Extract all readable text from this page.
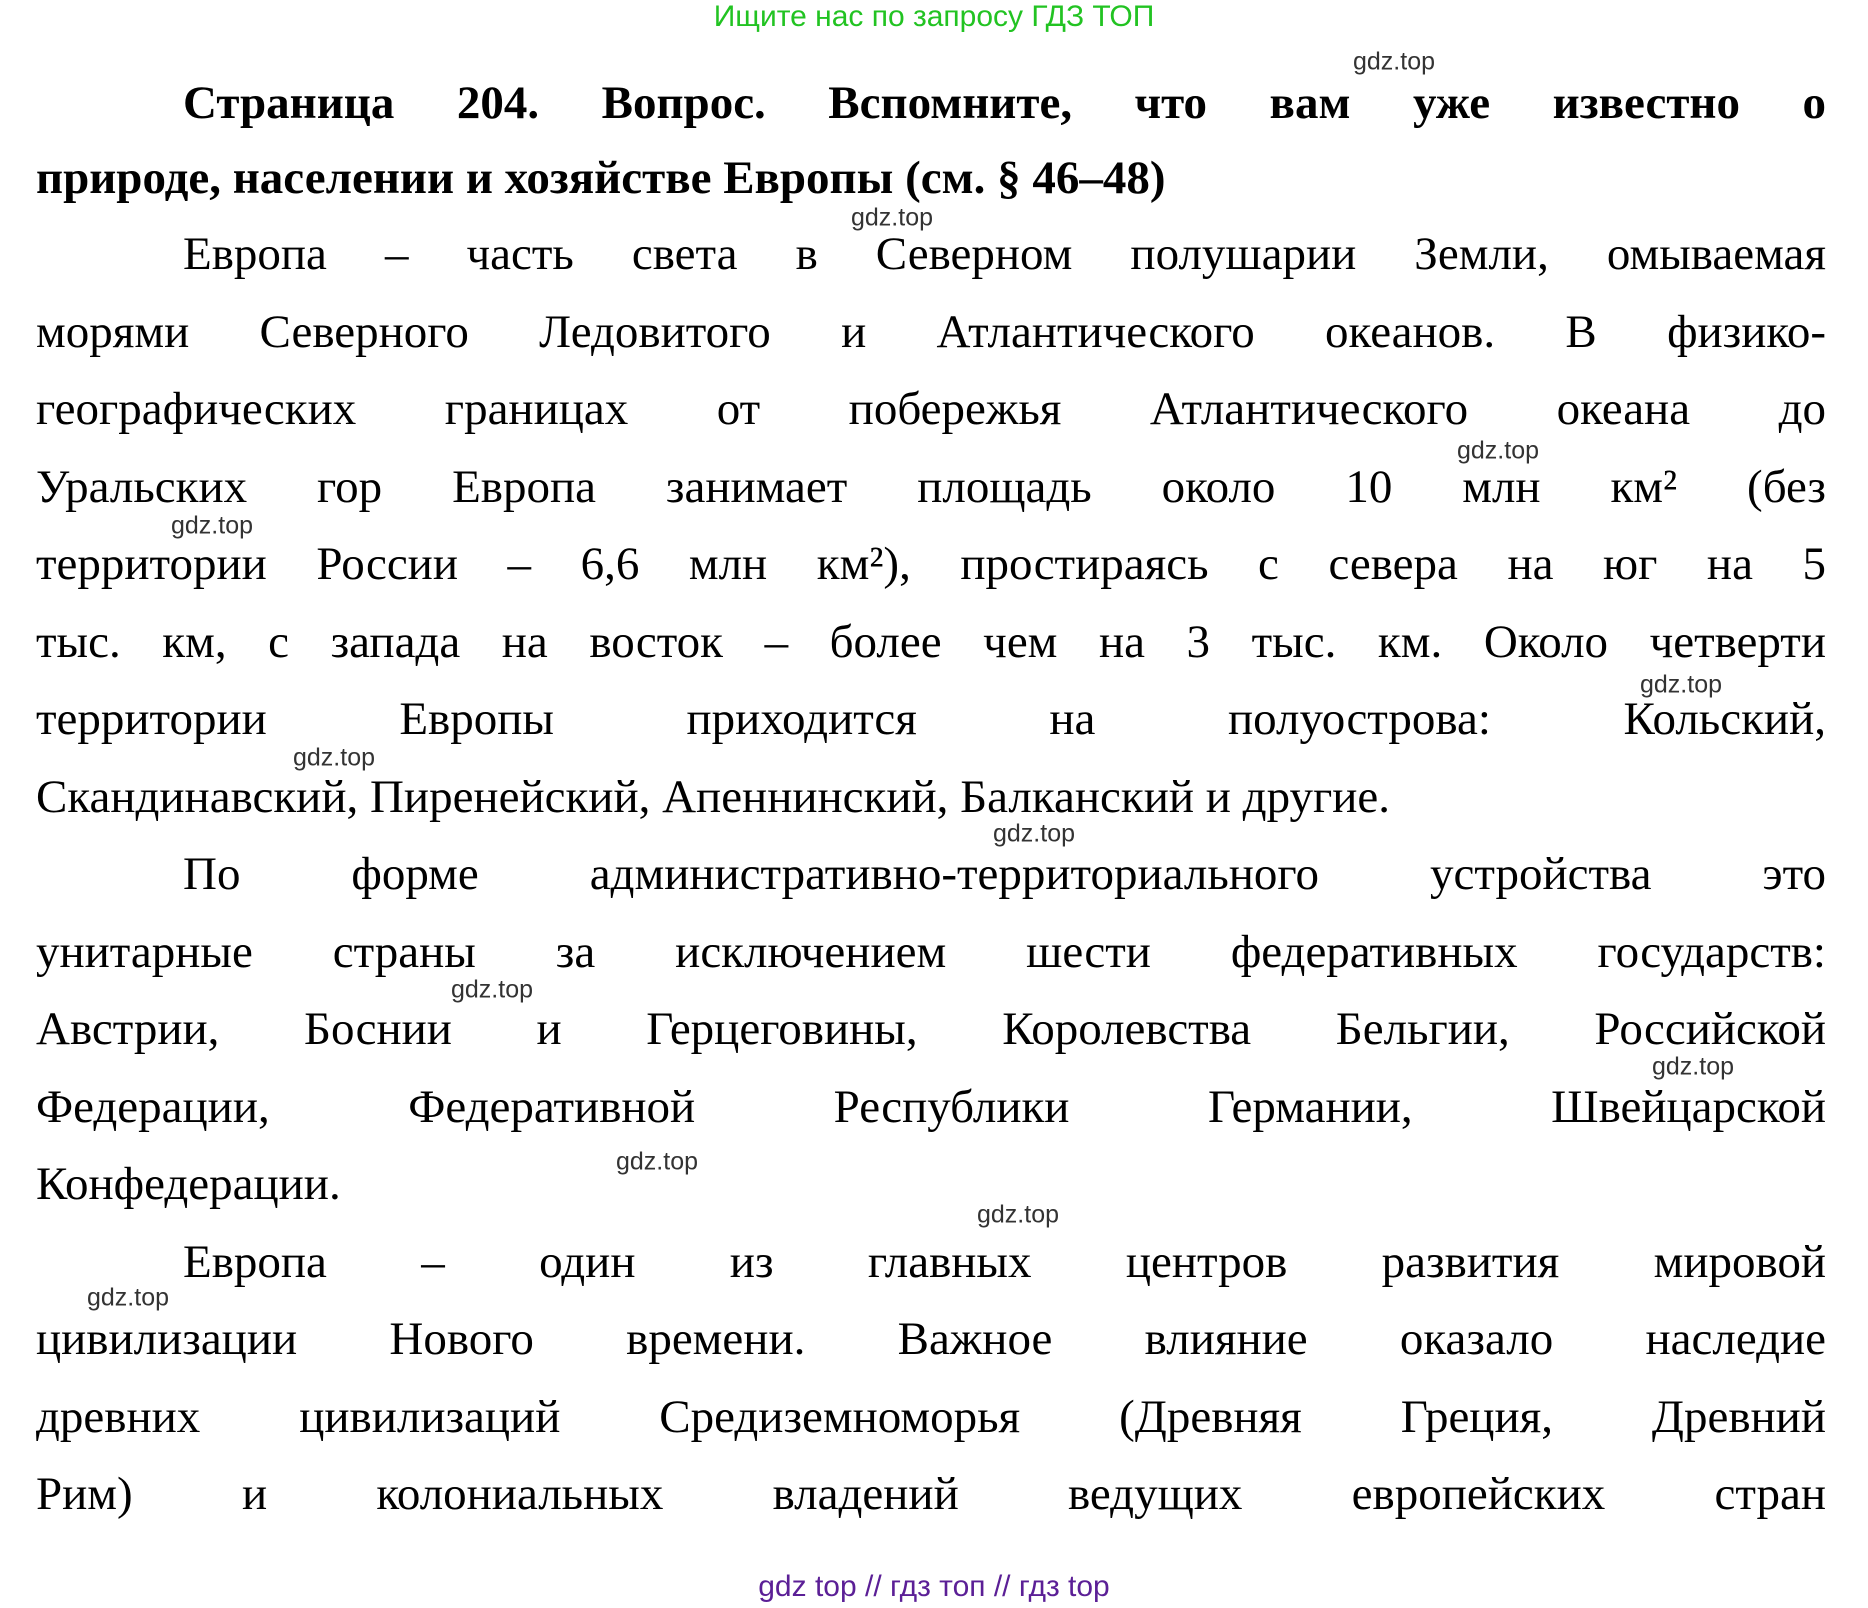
Ищите нас по запросу ГДЗ ТОП
Страница 204. Вопрос. Вспомните, что вам уже известно о
природе, населении и хозяйстве Европы (см. § 46–48)
Европа – часть света в Северном полушарии Земли, омываемая
морями Северного Ледовитого и Атлантического океанов. В физико-
географических границах от побережья Атлантического океана до
Уральских гор Европа занимает площадь около 10 млн км² (без
территории России – 6,6 млн км²), простираясь с севера на юг на 5
тыс. км, с запада на восток – более чем на 3 тыс. км. Около четверти
территории Европы приходится на полуострова: Кольский,
Скандинавский, Пиренейский, Апеннинский, Балканский и другие.
По форме административно-территориального устройства это
унитарные страны за исключением шести федеративных государств:
Австрии, Боснии и Герцеговины, Королевства Бельгии, Российской
Федерации, Федеративной Республики Германии, Швейцарской
Конфедерации.
Европа – один из главных центров развития мировой
цивилизации Нового времени. Важное влияние оказало наследие
древних цивилизаций Средиземноморья (Древняя Греция, Древний
Рим) и колониальных владений ведущих европейских стран
gdz.top
gdz.top
gdz.top
gdz.top
gdz.top
gdz.top
gdz.top
gdz.top
gdz.top
gdz.top
gdz.top
gdz.top
gdz top // гдз топ // гдз top
